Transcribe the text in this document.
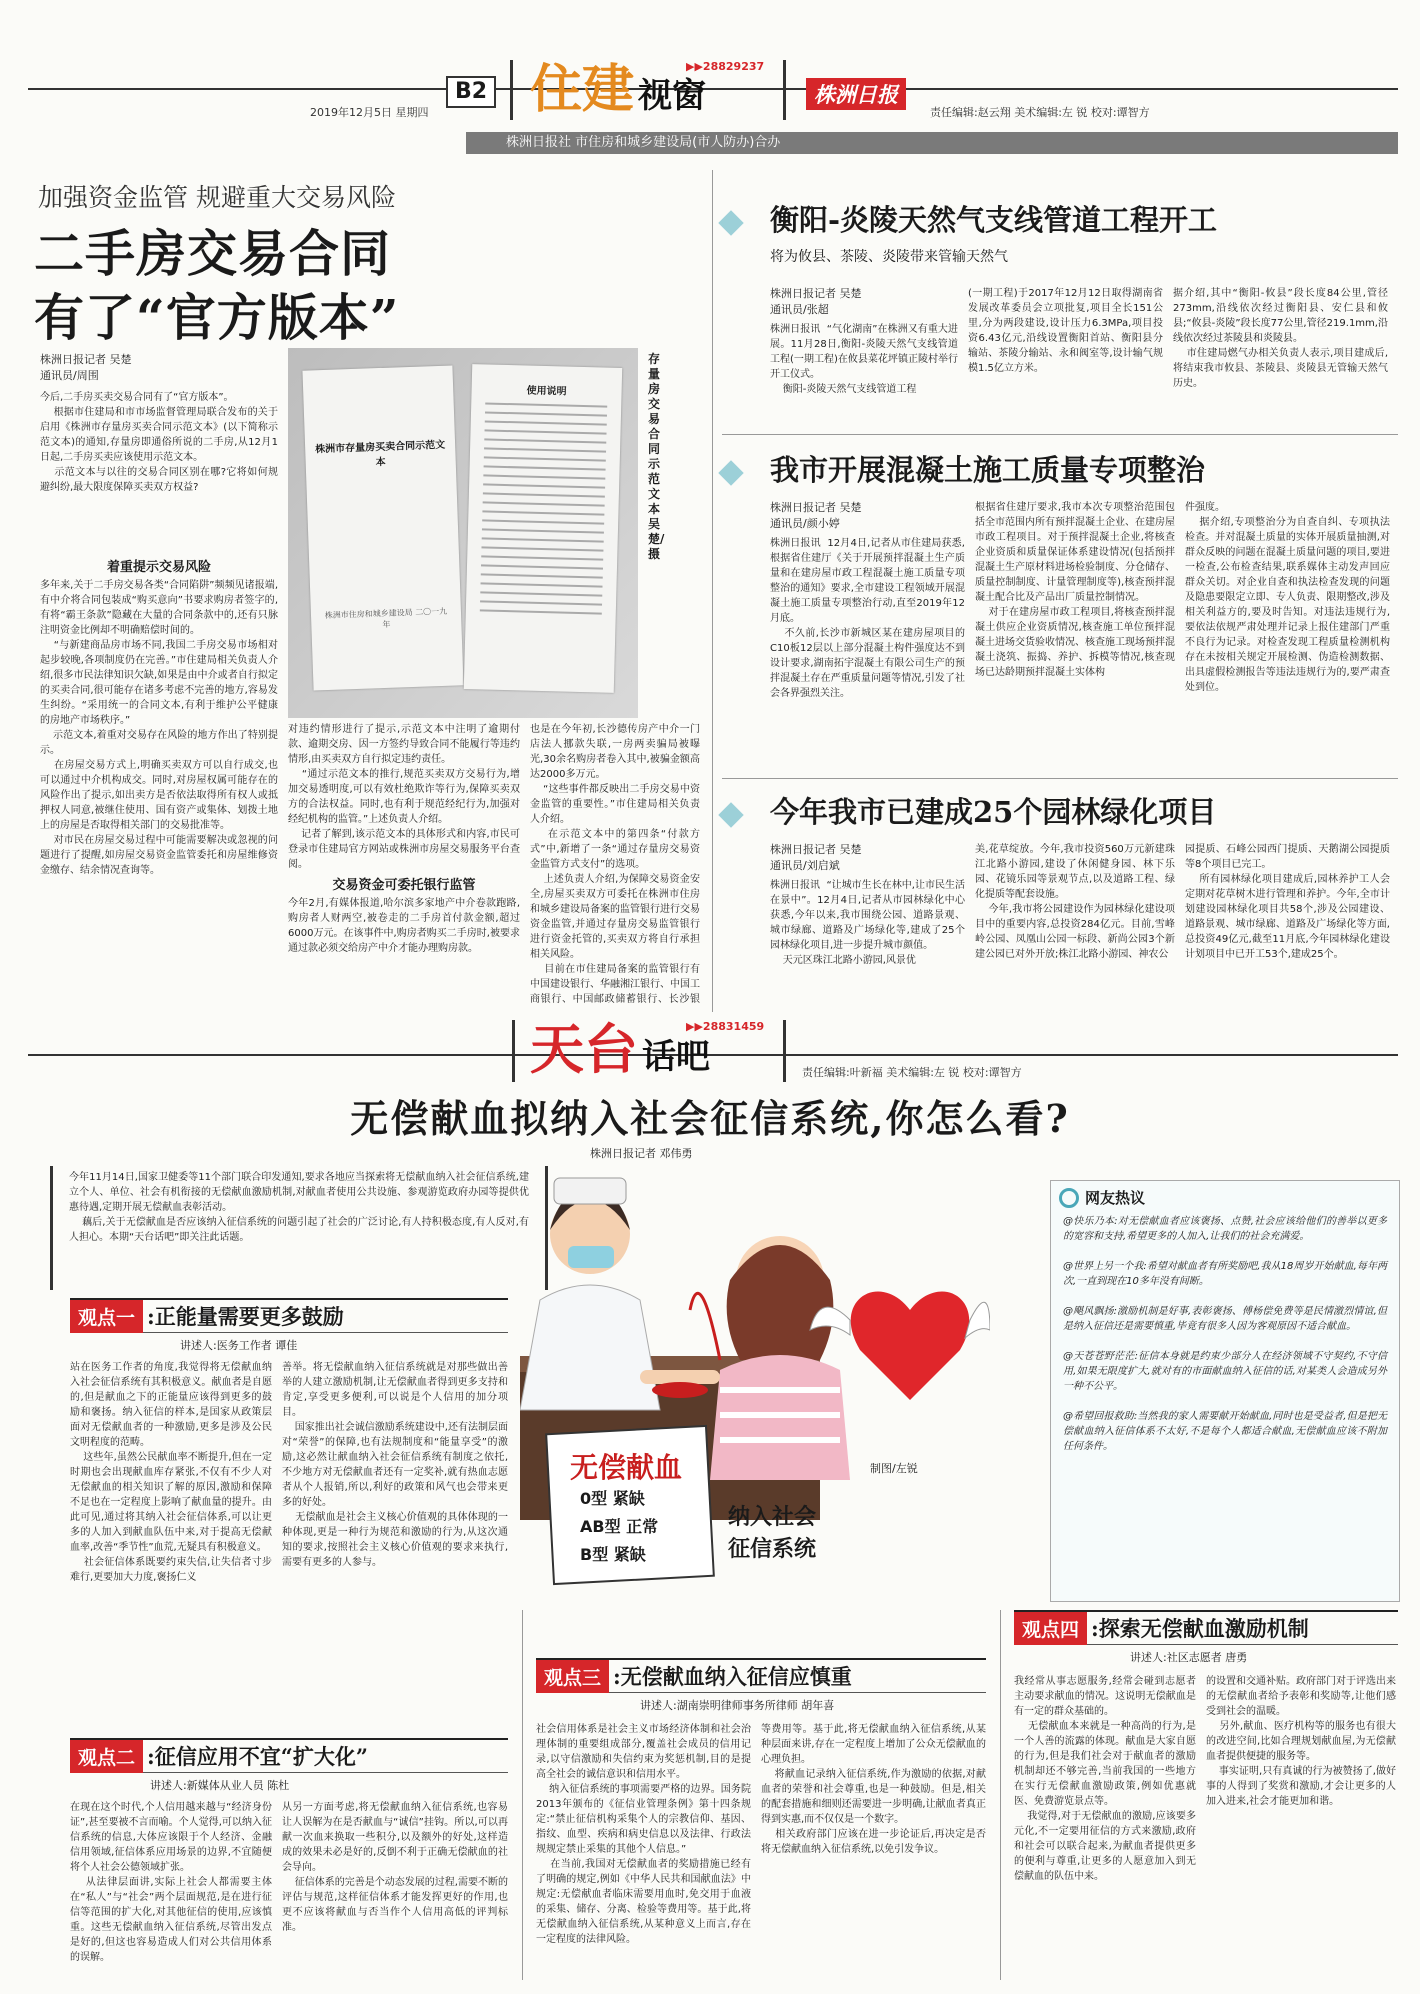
B2
2019年12月5日 星期四 住建 视窗
▶▶28829237
株洲日报
责任编辑:赵云翔 美术编辑:左 锐 校对:谭智方
株洲日报社 市住房和城乡建设局(市人防办)合办
加强资金监管 规避重大交易风险
二手房交易合同
有了“官方版本”
株洲日报记者 吴楚
通讯员/周围
株洲市存量房买卖合同示范文本
株洲市住房和城乡建设局 二〇一九年
使用说明
存量房交易合同示范文本 吴楚/摄
今后,二手房买卖交易合同有了“官方版本”。
根据市住建局和市市场监督管理局联合发布的关于启用《株洲市存量房买卖合同示范文本》(以下简称示范文本)的通知,存量房即通俗所说的二手房,从12月1日起,二手房买卖应该使用示范文本。
示范文本与以往的交易合同区别在哪?它将如何规避纠纷,最大限度保障买卖双方权益?
着重提示交易风险
多年来,关于二手房交易各类“合同陷阱”频频见诸报端,有中介将合同包装成“购买意向”书要求购房者签字的,有将“霸王条款”隐藏在大量的合同条款中的,还有只脉注明资金比例却不明确赔偿时间的。
“与新建商品房市场不同,我国二手房交易市场相对起步较晚,各项制度仍在完善。”市住建局相关负责人介绍,很多市民法律知识欠缺,如果是由中介或者自行拟定的买卖合同,很可能存在诸多考虑不完善的地方,容易发生纠纷。“采用统一的合同文本,有利于维护公平健康的房地产市场秩序。”
示范文本,着重对交易存在风险的地方作出了特别提示。
在房屋交易方式上,明确买卖双方可以自行成交,也可以通过中介机构成交。同时,对房屋权属可能存在的风险作出了提示,如出卖方是否依法取得所有权人或抵押权人同意,被继住使用、国有资产或集体、划拨土地上的房屋是否取得相关部门的交易批准等。
对市民在房屋交易过程中可能需要解决或忽视的问题进行了提醒,如房屋交易资金监管委托和房屋维修资金缴存、结余情况查询等。
对违约情形进行了提示,示范文本中注明了逾期付款、逾期交房、因一方签约导致合同不能履行等违约情形,由买卖双方自行拟定违约责任。
“通过示范文本的推行,规范买卖双方交易行为,增加交易透明度,可以有效杜绝欺诈等行为,保障买卖双方的合法权益。同时,也有利于规范经纪行为,加强对经纪机构的监管。”上述负责人介绍。
记者了解到,该示范文本的具体形式和内容,市民可登录市住建局官方网站或株洲市房屋交易服务平台查阅。

交易资金可委托银行监管
今年2月,有媒体报道,哈尔滨多家地产中介卷款跑路,购房者人财两空,被卷走的二手房首付款金额,超过6000万元。在该事件中,购房者购买二手房时,被要求通过款必须交给房产中介才能办理购房款。
也是在今年初,长沙德传房产中介一门店法人挪款失联,一房两卖骗局被曝光,30余名购房者卷入其中,被骗金额高达2000多万元。
“这些事件都反映出二手房交易中资金监管的重要性。”市住建局相关负责人介绍。
在示范文本中的第四条“付款方式”中,新增了一条“通过存量房交易资金监管方式支付”的选项。
上述负责人介绍,为保障交易资金安全,房屋买卖双方可委托在株洲市住房和城乡建设局备案的监管银行进行交易资金监管,并通过存量房交易监管银行进行资金托管的,买卖双方将自行承担相关风险。
目前在市住建局备案的监管银行有中国建设银行、华融湘江银行、中国工商银行、中国邮政储蓄银行、长沙银

衡阳-炎陵天然气支线管道工程开工
将为攸县、茶陵、炎陵带来管输天然气
株洲日报记者 吴楚
通讯员/张超
株洲日报讯  “气化湖南”在株洲又有重大进展。11月28日,衡阳-炎陵天然气支线管道工程(一期工程)在攸县菜花坪镇正陵村举行开工仪式。
衡阳-炎陵天然气支线管道工程
(一期工程)于2017年12月12日取得湖南省发展改革委员会立项批复,项目全长151公里,分为两段建设,设计压力6.3MPa,项目投资6.43亿元,沿线设置衡阳首站、衡阳县分输站、茶陵分输站、永和阀室等,设计输气规模1.5亿立方米。
据介绍,其中“衡阳-攸县”段长度84公里,管径273mm,沿线依次经过衡阳县、安仁县和攸县;“攸县-炎陵”段长度77公里,管径219.1mm,沿线依次经过茶陵县和炎陵县。
市住建局燃气办相关负责人表示,项目建成后,将结束我市攸县、茶陵县、炎陵县无管输天然气历史。
我市开展混凝土施工质量专项整治
株洲日报记者 吴楚
通讯员/颜小婷
株洲日报讯  12月4日,记者从市住建局获悉,根据省住建厅《关于开展预拌混凝土生产质量和在建房屋市政工程混凝土施工质量专项整治的通知》要求,全市建设工程领域开展混凝土施工质量专项整治行动,直至2019年12月底。
不久前,长沙市新城区某在建房屋项目的C10板12层以上部分混凝土构件强度达不到设计要求,湖南拓宇混凝土有限公司生产的预拌混凝土存在严重质量问题等情况,引发了社会各界强烈关注。
根据省住建厅要求,我市本次专项整治范围包括全市范围内所有预拌混凝土企业、在建房屋市政工程项目。对于预拌混凝土企业,将核查企业资质和质量保证体系建设情况(包括预拌混凝土生产原材料进场检验制度、分仓储存、质量控制制度、计量管理制度等),核查预拌混凝土配合比及产品出厂质量控制情况。
对于在建房屋市政工程项目,将核查预拌混凝土供应企业资质情况,核查施工单位预拌混凝土进场交货验收情况、核查施工现场预拌混凝土浇筑、振捣、养护、拆模等情况,核查现场已达龄期预拌混凝土实体构
件强度。
据介绍,专项整治分为自查自纠、专项执法检查。并对混凝土质量的实体开展质量抽测,对群众反映的问题在混凝土质量问题的项目,要进一检查,公布检查结果,联系媒体主动发声回应群众关切。对企业自查和执法检查发现的问题及隐患要限定立即、专人负责、限期整改,涉及相关利益方的,要及时告知。对违法违规行为,要依法依规严肃处理并记录上报住建部门严重不良行为记录。对检查发现工程质量检测机构存在未按相关规定开展检测、伪造检测数据、出具虚假检测报告等违法违规行为的,要严肃查处到位。
今年我市已建成25个园林绿化项目
株洲日报记者 吴楚
通讯员/刘启斌
株洲日报讯  “让城市生长在林中,让市民生活在景中”。12月4日,记者从市园林绿化中心获悉,今年以来,我市围绕公园、道路景观、城市绿廊、道路及广场绿化等,建成了25个园林绿化项目,进一步提升城市颜值。
天元区珠江北路小游园,风景优
美,花草绽放。今年,我市投资560万元新建珠江北路小游园,建设了休闲健身园、林下乐园、花镜乐园等景观节点,以及道路工程、绿化提质等配套设施。
今年,我市将公园建设作为园林绿化建设项目中的重要内容,总投资284亿元。目前,雪峰岭公园、凤凰山公园一标段、新尚公园3个新建公园已对外开放;株江北路小游园、神农公
园提质、石峰公园西门提质、天鹅湖公园提质等8个项目已完工。
所有园林绿化项目建成后,园林养护工人会定期对花草树木进行管理和养护。今年,全市计划建设园林绿化项目共58个,涉及公园建设、道路景观、城市绿廊、道路及广场绿化等方面,总投资49亿元,截至11月底,今年园林绿化建设计划项目中已开工53个,建成25个。
天台 话吧
▶▶28831459
责任编辑:叶新福 美术编辑:左 锐 校对:谭智方
无偿献血拟纳入社会征信系统,你怎么看?
株洲日报记者 邓伟勇
今年11月14日,国家卫健委等11个部门联合印发通知,要求各地应当探索将无偿献血纳入社会征信系统,建立个人、单位、社会有机衔接的无偿献血激励机制,对献血者使用公共设施、参观游览政府办园等提供优惠待遇,定期开展无偿献血表彰活动。
藕后,关于无偿献血是否应该纳入征信系统的问题引起了社会的广泛讨论,有人持积极态度,有人反对,有人担心。本期“天台话吧”即关注此话题。
无偿献血
0型 紧缺
AB型 正常
B型 紧缺
制图/左锐
纳入社会
征信系统
网友热议
@快乐乃本:对无偿献血者应该褒扬、点赞,社会应该给他们的善举以更多的宽容和支持,希望更多的人加入,让我们的社会充满爱。

@世界上另一个我:希望对献血者有所奖励吧,我从18周岁开始献血,每年两次,一直到现在10多年没有间断。

@飓风飘扬:激励机制是好事,表彰褒扬、傅杨偿免费等是民情激烈情谊,但是纳入征信还是需要慎重,毕竟有很多人因为客观原因不适合献血。

@天苍苍野茫茫:征信本身就是约束少部分人在经济领域不守契约,不守信用,如果无限度扩大,就对有的市面献血纳入征信的话,对某类人会造成另外一种不公平。

@希望回报救助:当然我的家人需要献开始献血,同时也是受益者,但是把无偿献血纳入征信体系不太好,不是每个人都适合献血,无偿献血应该不附加任何条件。
观点一 :正能量需要更多鼓励
讲述人:医务工作者 谭佳
站在医务工作者的角度,我觉得将无偿献血纳入社会征信系统有其积极意义。献血者是自愿的,但是献血之下的正能量应该得到更多的鼓励和褒扬。纳入征信的样本,是国家从政策层面对无偿献血者的一种激励,更多是涉及公民文明程度的范畴。
这些年,虽然公民献血率不断提升,但在一定时期也会出现献血库存紧张,不仅有不少人对无偿献血的相关知识了解的原因,激励和保障不足也在一定程度上影响了献血量的提升。由此可见,通过将其纳入社会征信体系,可以让更多的人加入到献血队伍中来,对于提高无偿献血率,改善“季节性”血荒,无疑具有积极意义。
社会征信体系既要约束失信,让失信者寸步难行,更要加大力度,褒扬仁义
善举。将无偿献血纳入征信系统就是对那些做出善举的人建立激励机制,让无偿献血者得到更多支持和肯定,享受更多便利,可以说是个人信用的加分项目。
国家推出社会诚信激励系统建设中,还有法制层面对“荣誉”的保障,也有法规制度和“能量享受”的激励,这必然让献血纳入社会征信系统有制度之依托,不少地方对无偿献血者还有一定奖补,就有热血志愿者从个人报销,所以,利好的政策和风气也会带来更多的好处。
无偿献血是社会主义核心价值观的具体体现的一种体现,更是一种行为规范和激励的行为,从这次通知的要求,按照社会主义核心价值观的要求来执行,需要有更多的人参与。
观点二 :征信应用不宜“扩大化”
讲述人:新媒体从业人员 陈杜
在现在这个时代,个人信用越来越与“经济身份证”,甚至要被不言而喻。个人觉得,可以纳入征信系统的信息,大体应该限于个人经济、金融信用领域,征信体系应用场景的边界,不宜随便将个人社会公德领域扩张。
从法律层面讲,实际上社会人都需要主体在“私人”与“社会”两个层面规范,是在进行征信等范围的扩大化,对其他征信的使用,应该慎重。这些无偿献血纳入征信系统,尽管出发点是好的,但这也容易造成人们对公共信用体系的误解。
从另一方面考虑,将无偿献血纳入征信系统,也容易让人误解为在是否献血与“诚信”挂钩。所以,可以再献一次血来换取一些积分,以及额外的好处,这样造成的效果未必是好的,反倒不利于正确无偿献血的社会导向。
征信体系的完善是个动态发展的过程,需要不断的评估与规范,这样征信体系才能发挥更好的作用,也更不应该将献血与否当作个人信用高低的评判标准。
观点三 :无偿献血纳入征信应慎重
讲述人:湖南崇明律师事务所律师 胡年喜
社会信用体系是社会主义市场经济体制和社会治理体制的重要组成部分,覆盖社会成员的信用记录,以守信激励和失信约束为奖惩机制,目的是提高全社会的诚信意识和信用水平。
纳入征信系统的事项需要严格的边界。国务院2013年颁布的《征信业管理条例》第十四条规定:“禁止征信机构采集个人的宗教信仰、基因、指纹、血型、疾病和病史信息以及法律、行政法规规定禁止采集的其他个人信息。”
在当前,我国对无偿献血者的奖励措施已经有了明确的规定,例如《中华人民共和国献血法》中规定:无偿献血者临床需要用血时,免交用于血液的采集、储存、分离、检验等费用等。基于此,将无偿献血纳入征信系统,从某种意义上而言,存在一定程度的法律风险。
等费用等。基于此,将无偿献血纳入征信系统,从某种层面来讲,存在一定程度上增加了公众无偿献血的心理负担。
将献血记录纳入征信系统,作为激励的依据,对献血者的荣誉和社会尊重,也是一种鼓励。但是,相关的配套措施和细则还需要进一步明确,让献血者真正得到实惠,而不仅仅是一个数字。
相关政府部门应该在进一步论证后,再决定是否将无偿献血纳入征信系统,以免引发争议。
观点四 :探索无偿献血激励机制
讲述人:社区志愿者 唐勇
我经常从事志愿服务,经常会碰到志愿者主动要求献血的情况。这说明无偿献血是有一定的群众基础的。
无偿献血本来就是一种高尚的行为,是一个人善的流露的体现。献血是大家自愿的行为,但是我们社会对于献血者的激励机制却还不够完善,当前我国的一些地方在实行无偿献血激励政策,例如优惠就医、免费游览景点等。
我觉得,对于无偿献血的激励,应该要多元化,不一定要用征信的方式来激励,政府和社会可以联合起来,为献血者提供更多的便利与尊重,让更多的人愿意加入到无偿献血的队伍中来。
的设置和交通补贴。政府部门对于评选出来的无偿献血者给予表彰和奖励等,让他们感受到社会的温暖。
另外,献血、医疗机构等的服务也有很大的改进空间,比如合理规划献血屋,为无偿献血者提供便捷的服务等。
事实证明,只有真诚的行为被赞扬了,做好事的人得到了奖赏和激励,才会让更多的人加入进来,社会才能更加和谐。
